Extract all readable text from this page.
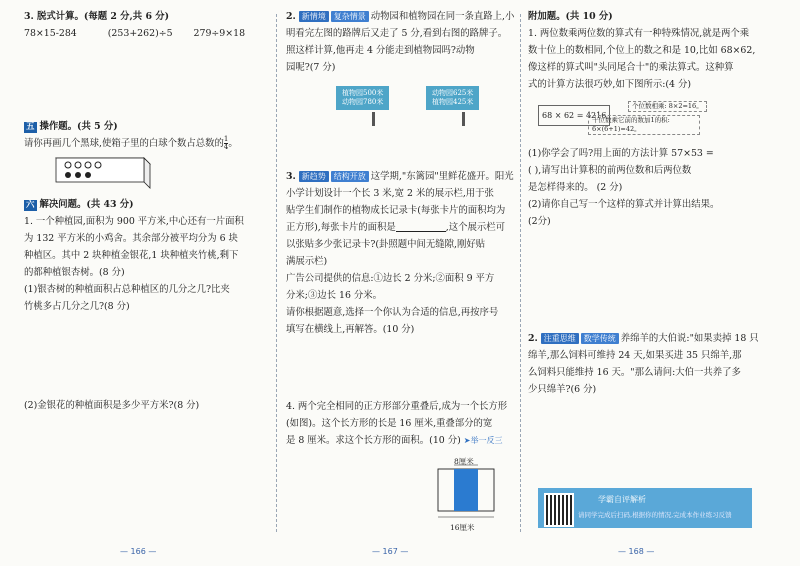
3. 脱式计算。(每题 2 分,共 6 分)
78×15-284	(253+262)÷5 279÷9×18
五 操作题。(共 5 分)
请你再画几个黑球,使箱子里的白球个数占总数的 $\frac{1}{4}$ 。
六 解决问题。(共 43 分)
1. 一个种植园,面积为 900 平方米,中心还有一片面积
为 132 平方米的小鸡舍。其余部分被平均分为 6 块
种植区。其中 2 块种植金银花,1 块种植夹竹桃,剩下
的都种植银杏树。(8 分)
(1)银杏树的种植面积占总种植区的几分之几?比夹
竹桃多占几分之几?(8 分)
(2)金银花的种植面积是多少平方米?(8 分)
2. 新情境 复杂情景 动物园和植物园在同一条直路上,小
明看完左图的路牌后又走了 5 分,看到右图的路牌子。
照这样计算,他再走 4 分能走到植物园吗?动物
园呢?(7 分)
植物园500米
动物园780米
动物园625米
植物园425米
3. 新趋势 结构开放 这学期,"东篱园"里鲜花盛开。阳光
小学计划设计一个长 3 米,宽 2 米的展示栏,用于张
贴学生们制作的植物成长记录卡(每张卡片的面积均为
正方形),每张卡片的面积是	,这个展示栏可
以张贴多少张记录卡?(卦照题中间无缝隙,刚好贴
满展示栏)
广告公司提供的信息:①边长 2 分米;②面积 9 平方
分米;③边长 16 分米。
请你根据题意,选择一个你认为合适的信息,再按序号
填写在横线上,再解答。(10 分)
4. 两个完全相同的正方形部分重叠后,成为一个长方形
(如图)。这个长方形的长是 16 厘米,重叠部分的宽
是 8 厘米。求这个长方形的面积。(10 分) ➤举一反三
8厘米
16厘米
附加题。(共 10 分)
1. 两位数乘两位数的算式有一种特殊情况,就是两个乘
数十位上的数相同,个位上的数之和是 10,比如 68×62,
像这样的算式叫"头同尾合十"的乘法算式。这种算
式的计算方法很巧妙,如下图所示:(4 分)
68 × 62 = 4216
个位数相乘: 8×2=16。
十位数乘它前的数加1的积:
6×(6+1)=42。
(1)你学会了吗?用上面的方法计算 57×53 =
( ),请写出计算积的前两位数和后两位数
是怎样得来的。 (2 分)
(2)请你自己写一个这样的算式并计算出结果。
(2分)
2. 注重思维 数学传统 养绵羊的大伯说:"如果卖掉 18 只
绵羊,那么饲料可维持 24 天,如果买进 35 只绵羊,那
么饲料只能维持 16 天。"那么请问:大伯一共养了多
少只绵羊?(6 分)
学霸自评解析
请同学完成后扫码,根据你的情况,完成本作业练习反馈
— 166 —	— 167 —	— 168 —
